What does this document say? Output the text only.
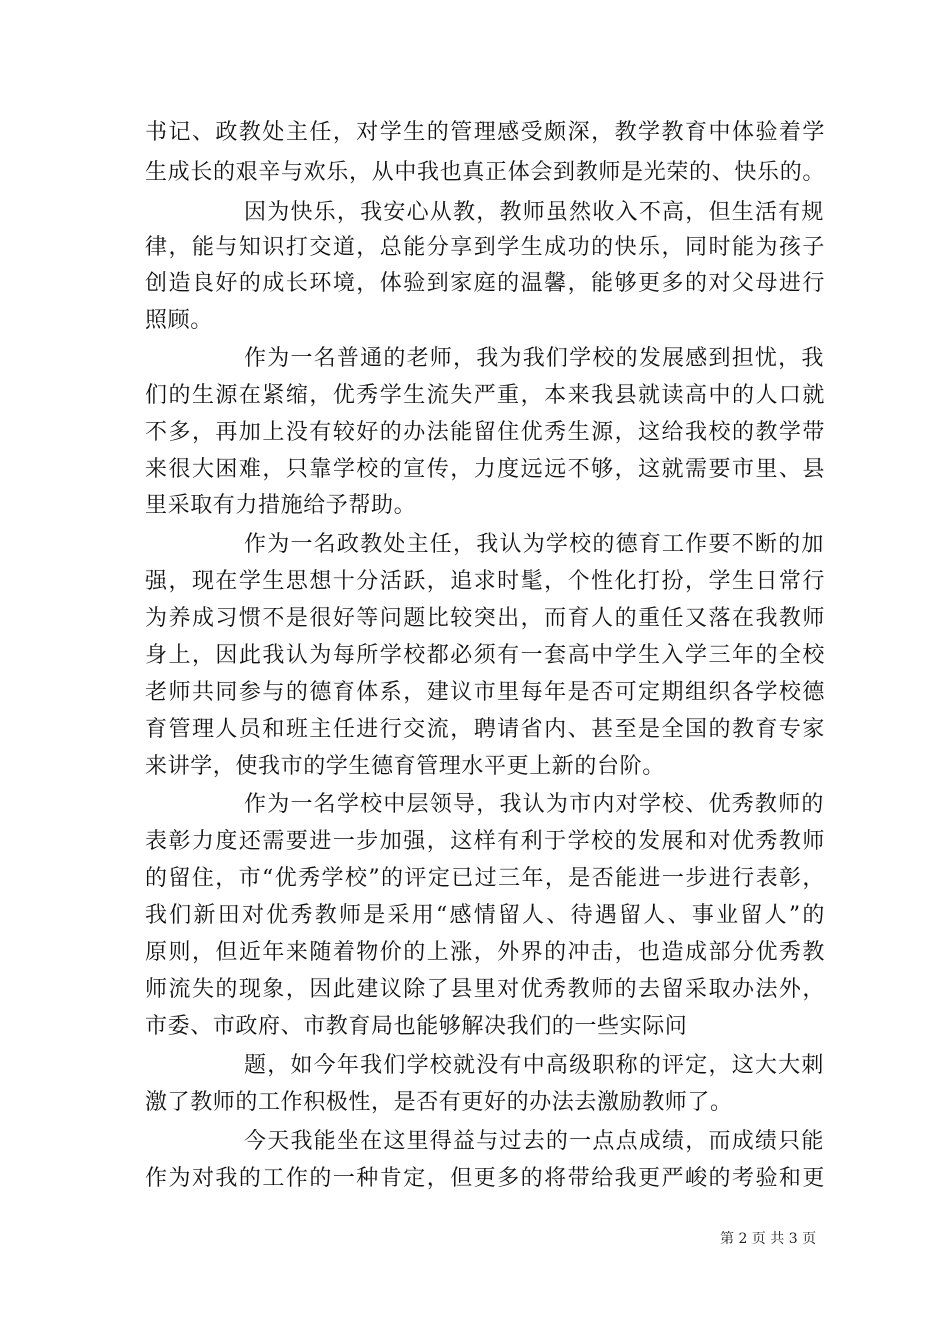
书记、政教处主任，对学生的管理感受颇深，教学教育中体验着学
生成长的艰辛与欢乐，从中我也真正体会到教师是光荣的、快乐的。
因为快乐，我安心从教，教师虽然收入不高，但生活有规
律，能与知识打交道，总能分享到学生成功的快乐，同时能为孩子
创造良好的成长环境，体验到家庭的温馨，能够更多的对父母进行
照顾。
作为一名普通的老师，我为我们学校的发展感到担忧，我
们的生源在紧缩，优秀学生流失严重，本来我县就读高中的人口就
不多，再加上没有较好的办法能留住优秀生源，这给我校的教学带
来很大困难，只靠学校的宣传，力度远远不够，这就需要市里、县
里采取有力措施给予帮助。
作为一名政教处主任，我认为学校的德育工作要不断的加
强，现在学生思想十分活跃，追求时髦，个性化打扮，学生日常行
为养成习惯不是很好等问题比较突出，而育人的重任又落在我教师
身上，因此我认为每所学校都必须有一套高中学生入学三年的全校
老师共同参与的德育体系，建议市里每年是否可定期组织各学校德
育管理人员和班主任进行交流，聘请省内、甚至是全国的教育专家
来讲学，使我市的学生德育管理水平更上新的台阶。
作为一名学校中层领导，我认为市内对学校、优秀教师的
表彰力度还需要进一步加强，这样有利于学校的发展和对优秀教师
的留住，市“优秀学校”的评定已过三年，是否能进一步进行表彰，
我们新田对优秀教师是采用“感情留人、待遇留人、事业留人”的
原则，但近年来随着物价的上涨，外界的冲击，也造成部分优秀教
师流失的现象，因此建议除了县里对优秀教师的去留采取办法外，
市委、市政府、市教育局也能够解决我们的一些实际问
题，如今年我们学校就没有中高级职称的评定，这大大刺
激了教师的工作积极性，是否有更好的办法去激励教师了。
今天我能坐在这里得益与过去的一点点成绩，而成绩只能
作为对我的工作的一种肯定，但更多的将带给我更严峻的考验和更
第 2 页 共 3 页
